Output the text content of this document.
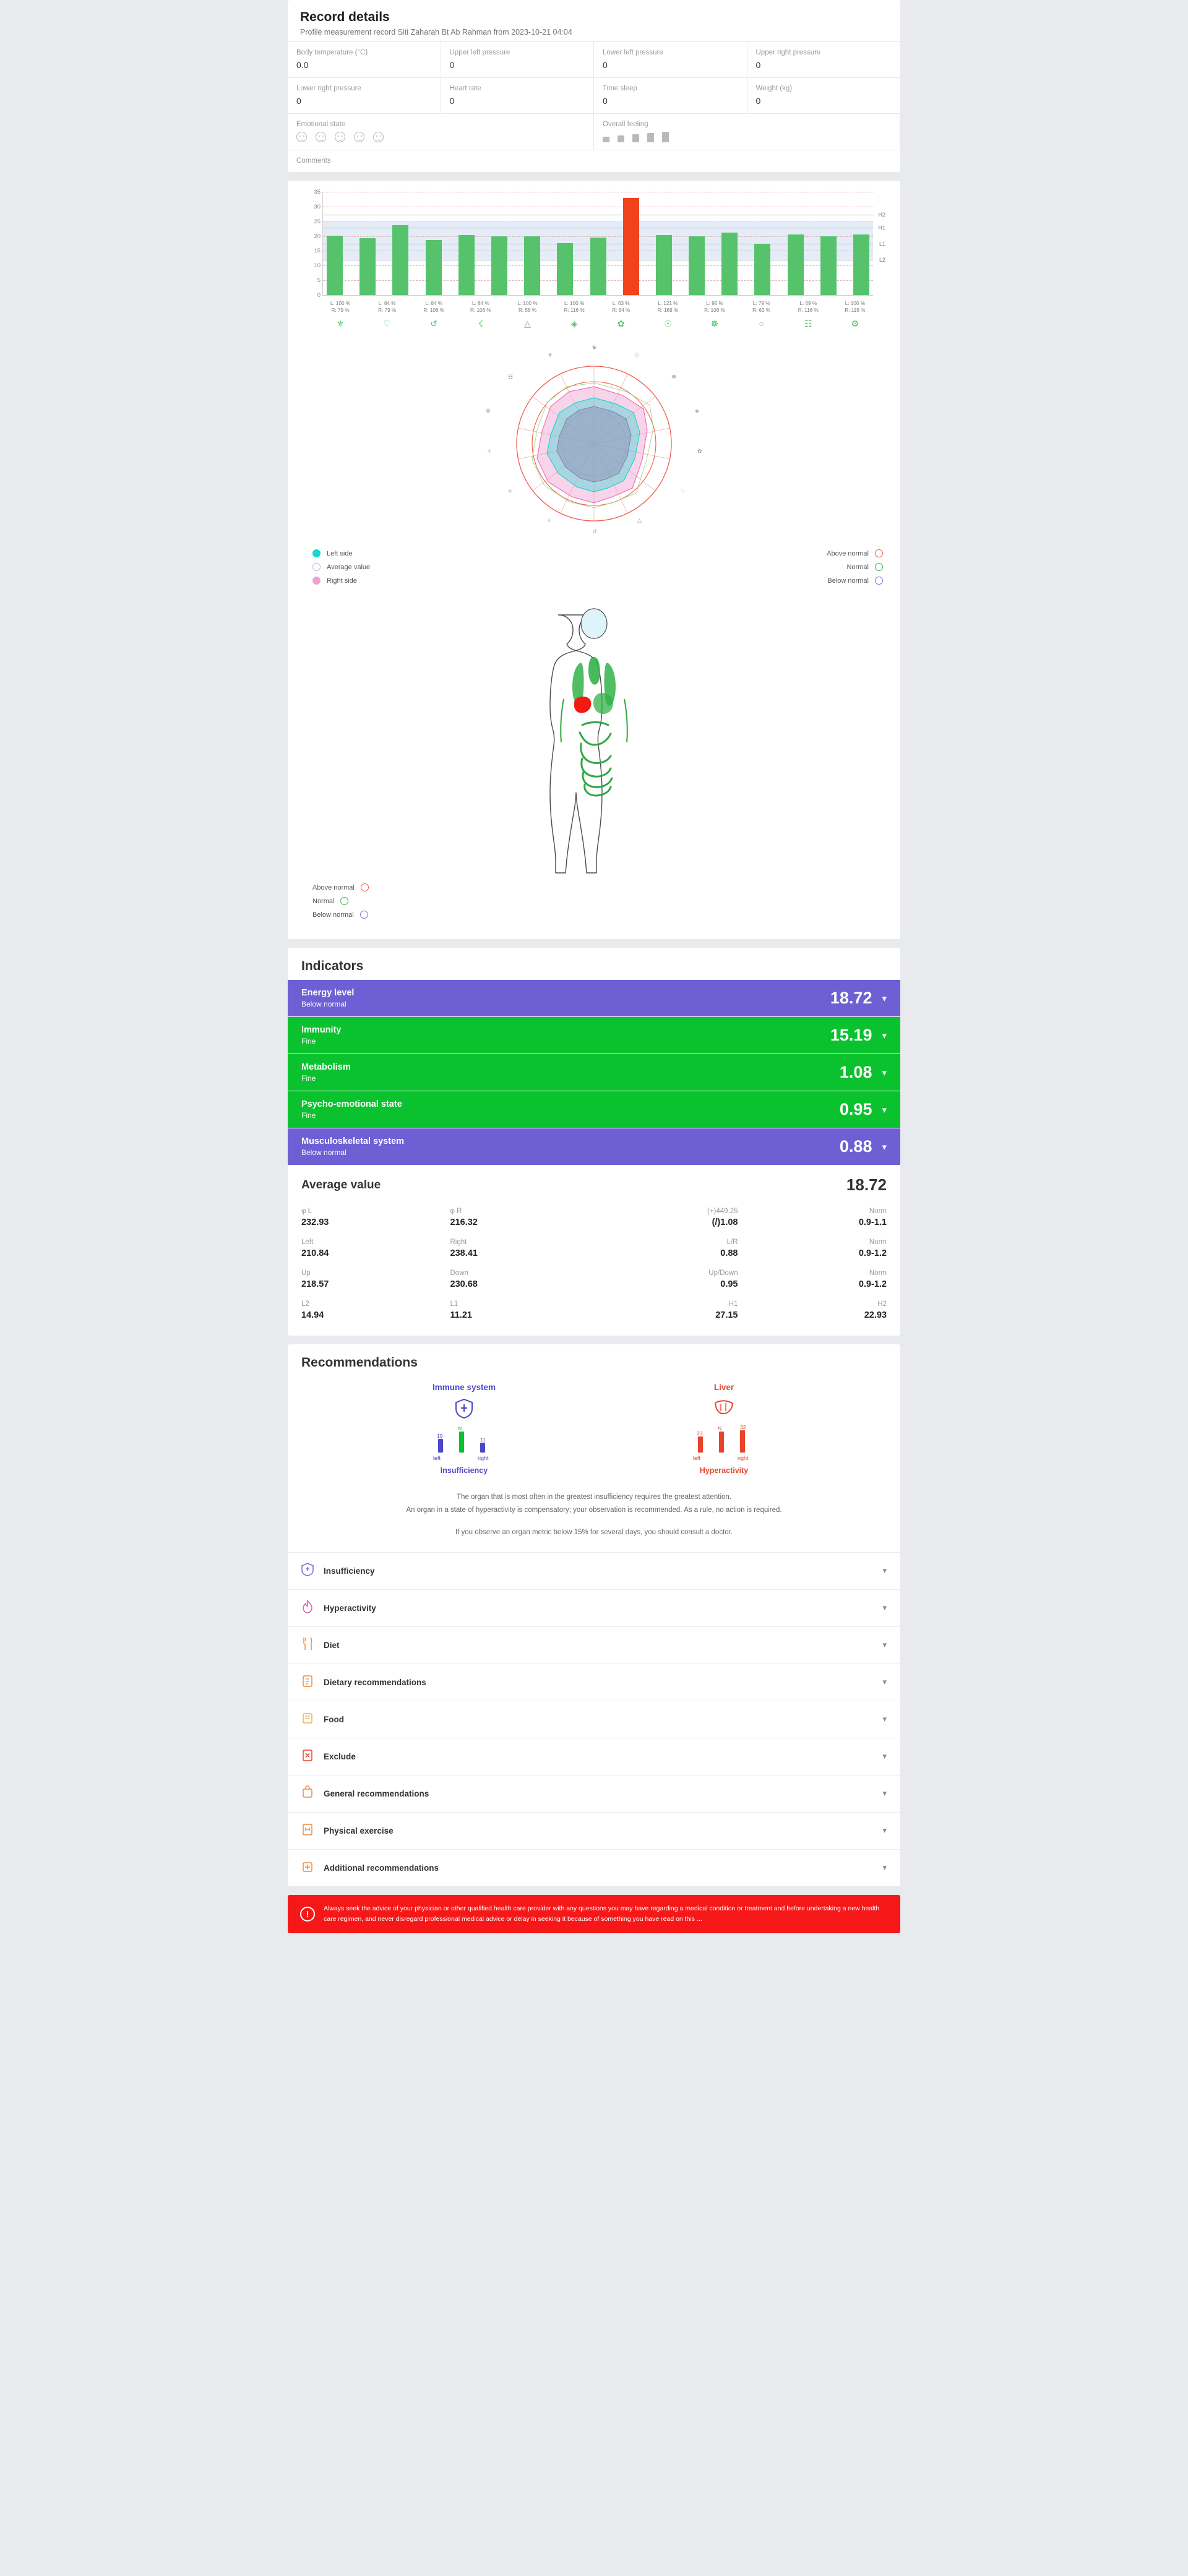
Record details
Profile measurement record Siti Zaharah Bt Ab Rahman from 2023-10-21 04:04
Body temperature (°C)
0.0
Upper left pressure
0
Lower left pressure
0
Upper right pressure
0
Lower right pressure
0
Heart rate
0
Time sleep
0
Weight (kg)
0
Emotional state	Overall feeling
Comments
35
30
25
20
15
10
5
0
H2
H1
L1
L2
L: 100 %
R: 79 %
L: 84 %
R: 79 %
L: 84 %
R: 106 %
L: 84 %
R: 106 %
L: 100 %
R: 58 %
L: 100 %
R: 116 %
L: 63 %
R: 84 %
L: 121 %
R: 169 %
L: 95 %
R: 106 %
L: 79 %
R: 63 %
L: 69 %
R: 116 %
L: 106 %
R: 116 %
⚜	♡	↺	☇	△	◈	✿	☉	☸	○	☷	⚙
☯
☉
☸
◈
✿
♡
△
↺
☇
⚛
⚛
⚙
☷
⚜
Left side
Average value
Right side
Above normal
Normal
Below normal
Above normal
Normal
Below normal
Indicators
Energy level
Below normal	18.72 ▾
Immunity
Fine	15.19 ▾
Metabolism
Fine	1.08 ▾
Psycho-emotional state
Fine	0.95 ▾
Musculoskeletal system
Below normal	0.88 ▾
Average value	18.72
φ L
232.93
φ R
216.32
(+)449.25
(/)1.08
Norm
0.9-1.1
Left
210.84
Right
238.41
L/R
0.88
Norm
0.9-1.2
Up
218.57
Down
230.68
Up/Down
0.95
Norm
0.9-1.2
L2
14.94
L1
11.21
H1
27.15
H2
22.93
Recommendations
Immune system
19
N
11
left	right
Insufficiency
Liver
23
N	32
left	right
Hyperactivity
The organ that is most often in the greatest insufficiency requires the greatest attention.
An organ in a state of hyperactivity is compensatory; your observation is recommended. As a rule, no action is required.
If you observe an organ metric below 15% for several days, you should consult a doctor.
Insufficiency	▾
Hyperactivity	▾
Diet	▾
Dietary recommendations	▾
Food	▾
Exclude	▾
General recommendations	▾
Physical exercise	▾
Additional recommendations	▾
!
Always seek the advice of your physician or other qualified health care provider with any questions you may have regarding a medical condition or treatment and before undertaking a new health care regimen, and never disregard professional medical advice or delay in seeking it because of something you have read on this ...
